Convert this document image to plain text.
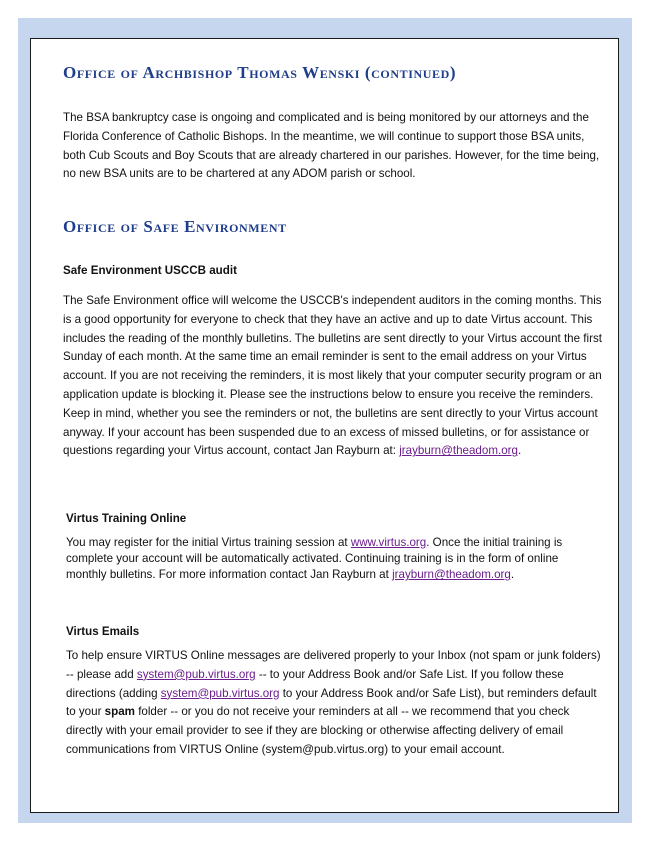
Office of Archbishop Thomas Wenski (continued)

The BSA bankruptcy case is ongoing and complicated and is being monitored by our attorneys and the Florida Conference of Catholic Bishops. In the meantime, we will continue to support those BSA units, both Cub Scouts and Boy Scouts that are already chartered in our parishes. However, for the time being, no new BSA units are to be chartered at any ADOM parish or school.

Office of Safe Environment

Safe Environment USCCB audit

The Safe Environment office will welcome the USCCB's independent auditors in the coming months. This is a good opportunity for everyone to check that they have an active and up to date Virtus account. This includes the reading of the monthly bulletins. The bulletins are sent directly to your Virtus account the first Sunday of each month. At the same time an email reminder is sent to the email address on your Virtus account. If you are not receiving the reminders, it is most likely that your computer security program or an application update is blocking it. Please see the instructions below to ensure you receive the reminders. Keep in mind, whether you see the reminders or not, the bulletins are sent directly to your Virtus account anyway. If your account has been suspended due to an excess of missed bulletins, or for assistance or questions regarding your Virtus account, contact Jan Rayburn at: jrayburn@theadom.org.

Virtus Training Online

You may register for the initial Virtus training session at www.virtus.org. Once the initial training is complete your account will be automatically activated. Continuing training is in the form of online monthly bulletins. For more information contact Jan Rayburn at jrayburn@theadom.org.

Virtus Emails

To help ensure VIRTUS Online messages are delivered properly to your Inbox (not spam or junk folders) -- please add system@pub.virtus.org -- to your Address Book and/or Safe List. If you follow these directions (adding system@pub.virtus.org to your Address Book and/or Safe List), but reminders default to your spam folder -- or you do not receive your reminders at all -- we recommend that you check directly with your email provider to see if they are blocking or otherwise affecting delivery of email communications from VIRTUS Online (system@pub.virtus.org) to your email account.
